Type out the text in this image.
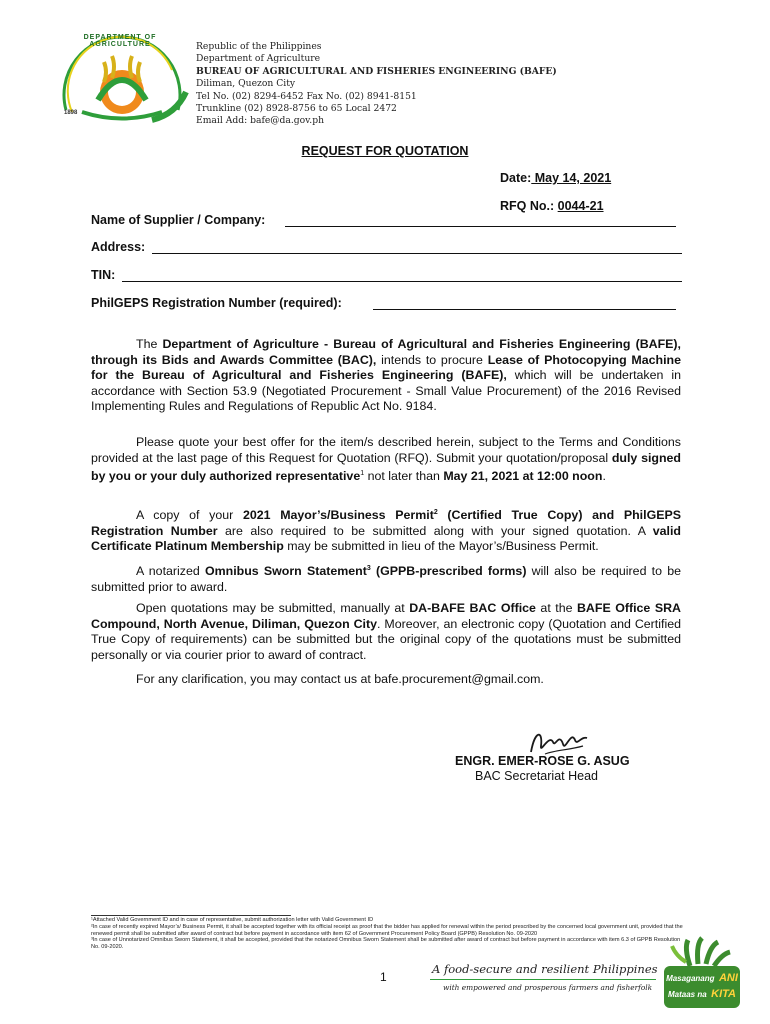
DEPARTMENT OF AGRICULTURE
1898
Republic of the Philippines
Department of Agriculture
BUREAU OF AGRICULTURAL AND FISHERIES ENGINEERING (BAFE)
Diliman, Quezon City
Tel No. (02) 8294-6452 Fax No. (02) 8941-8151
Trunkline (02) 8928-8756 to 65 Local 2472
Email Add: bafe@da.gov.ph
REQUEST FOR QUOTATION
Date: May 14, 2021
RFQ No.: 0044-21
Name of Supplier / Company:
Address:
TIN:
PhilGEPS Registration Number (required):
The Department of Agriculture - Bureau of Agricultural and Fisheries Engineering (BAFE), through its Bids and Awards Committee (BAC), intends to procure Lease of Photocopying Machine for the Bureau of Agricultural and Fisheries Engineering (BAFE), which will be undertaken in accordance with Section 53.9 (Negotiated Procurement - Small Value Procurement) of the 2016 Revised Implementing Rules and Regulations of Republic Act No. 9184.
Please quote your best offer for the item/s described herein, subject to the Terms and Conditions provided at the last page of this Request for Quotation (RFQ). Submit your quotation/proposal duly signed by you or your duly authorized representative$^1$ not later than May 21, 2021 at 12:00 noon.
A copy of your 2021 Mayor’s/Business Permit$^2$ (Certified True Copy) and PhilGEPS Registration Number are also required to be submitted along with your signed quotation. A valid Certificate Platinum Membership may be submitted in lieu of the Mayor’s/Business Permit.
A notarized Omnibus Sworn Statement$^3$ (GPPB-prescribed forms) will also be required to be submitted prior to award.
Open quotations may be submitted, manually at DA-BAFE BAC Office at the BAFE Office SRA Compound, North Avenue, Diliman, Quezon City. Moreover, an electronic copy (Quotation and Certified True Copy of requirements) can be submitted but the original copy of the quotations must be submitted personally or via courier prior to award of contract.
For any clarification, you may contact us at bafe.procurement@gmail.com.
ENGR. EMER-ROSE G. ASUG
BAC Secretariat Head
¹Attached Valid Government ID and in case of representative, submit authorization letter with Valid Government ID
²In case of recently expired Mayor’s/ Business Permit, it shall be accepted together with its official receipt as proof that the bidder has applied for renewal within the period prescribed by the concerned local government unit, provided that the renewed permit shall be submitted after award of contract but before payment in accordance with item 62 of Government Procurement Policy Board (GPPB) Resolution No. 09-2020
³In case of Unnotarized Omnibus Sworn Statement, it shall be accepted, provided that the notarized Omnibus Sworn Statement shall be submitted after award of contract but before payment in accordance with item 6.3 of GPPB Resolution No. 09-2020.
1
A food-secure and resilient Philippines
with empowered and prosperous farmers and fisherfolk
Masaganang ANI
Mataas na KITA
